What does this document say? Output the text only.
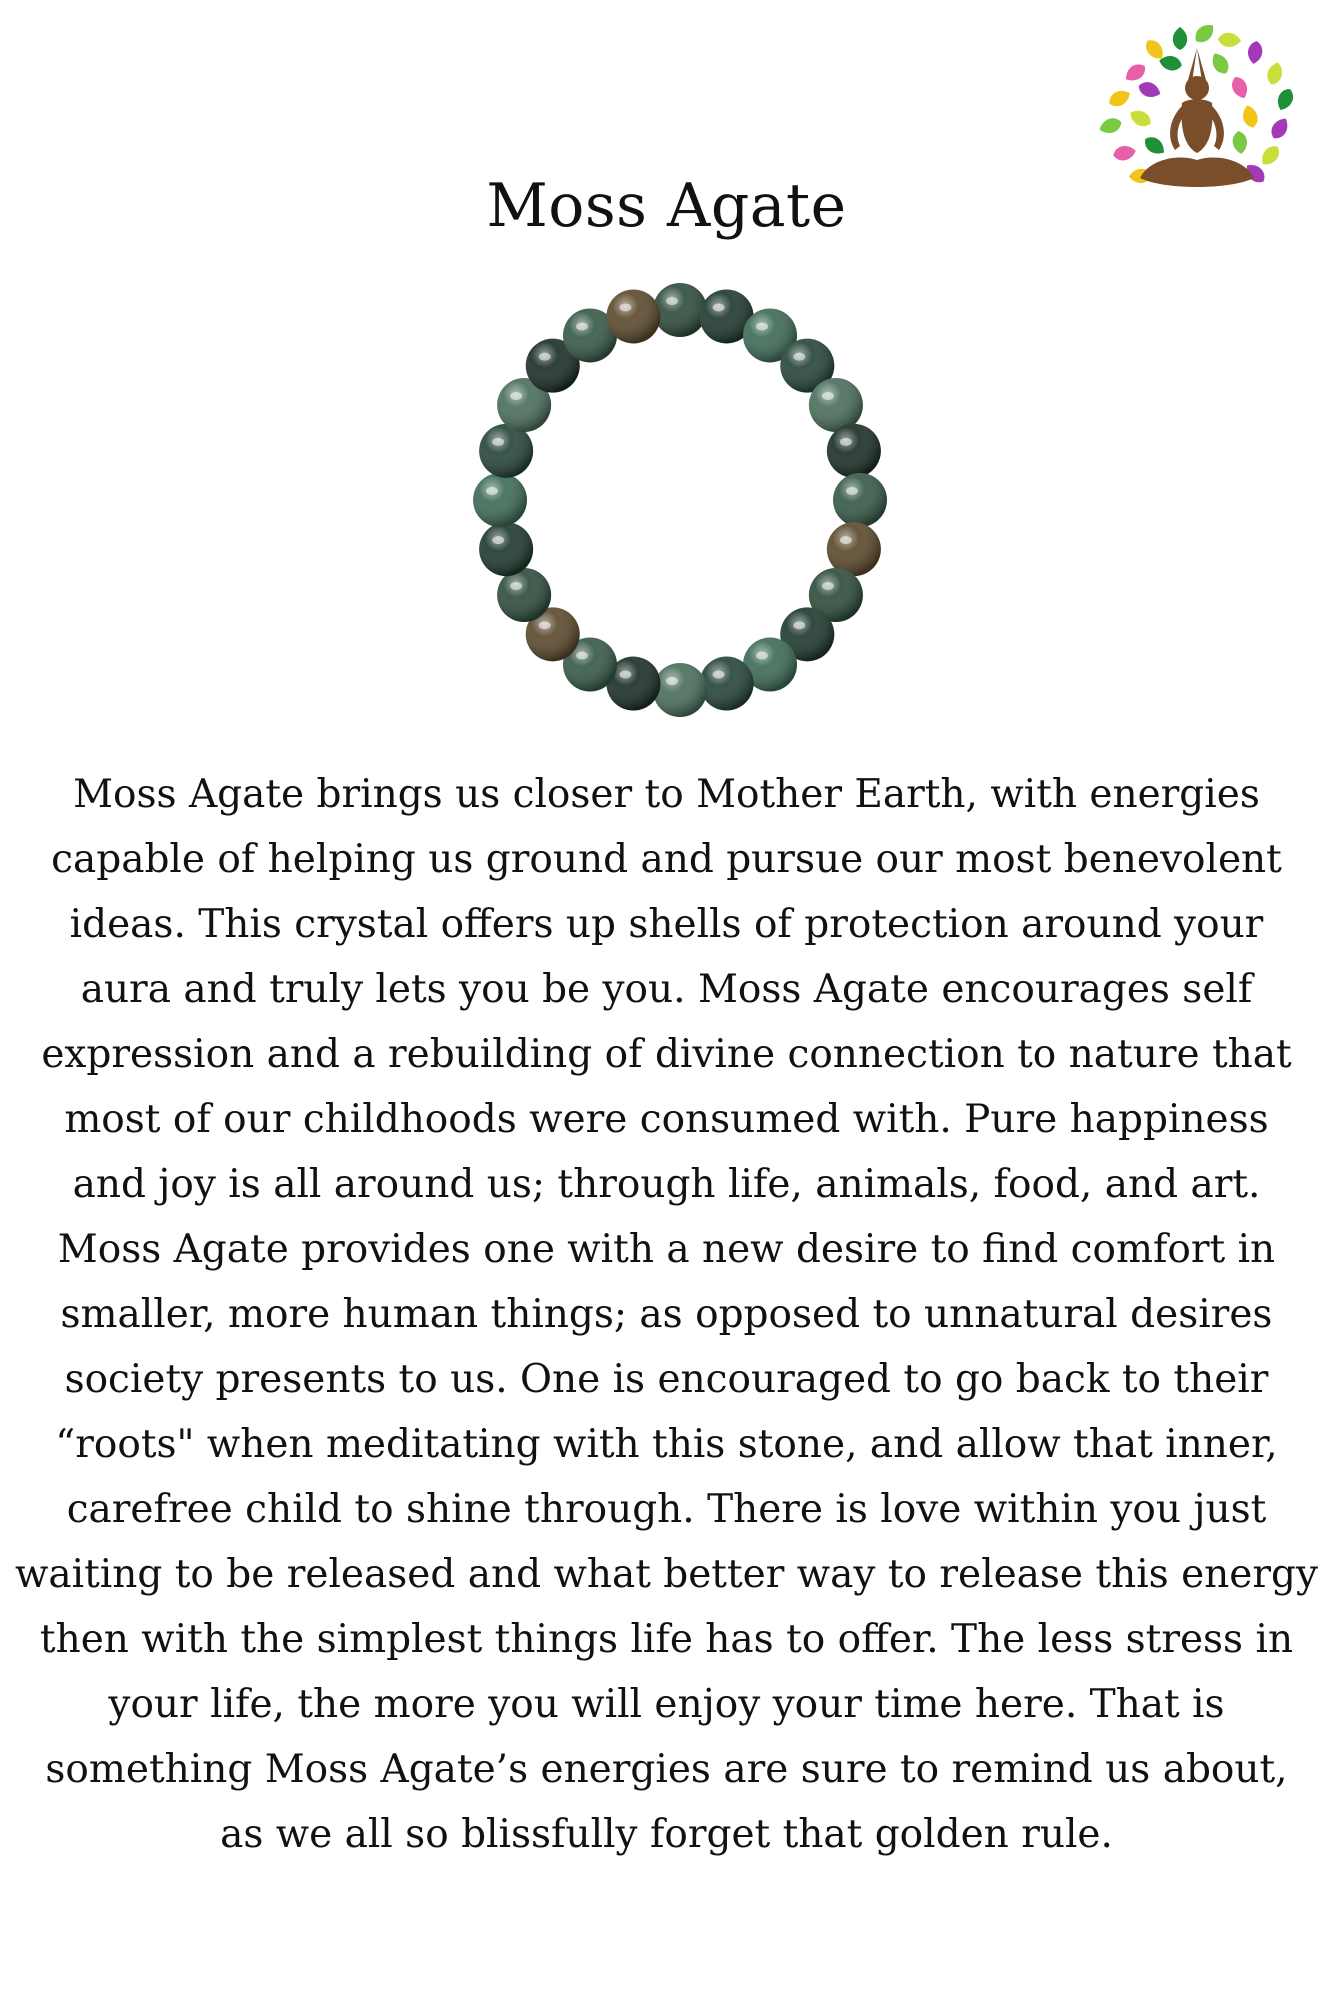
Moss Agate

Moss Agate brings us closer to Mother Earth, with energies
capable of helping us ground and pursue our most benevolent
ideas. This crystal offers up shells of protection around your
aura and truly lets you be you. Moss Agate encourages self
expression and a rebuilding of divine connection to nature that
most of our childhoods were consumed with. Pure happiness
and joy is all around us; through life, animals, food, and art.
Moss Agate provides one with a new desire to find comfort in
smaller, more human things; as opposed to unnatural desires
society presents to us. One is encouraged to go back to their
“roots" when meditating with this stone, and allow that inner,
carefree child to shine through. There is love within you just
waiting to be released and what better way to release this energy
then with the simplest things life has to offer. The less stress in
your life, the more you will enjoy your time here. That is
something Moss Agate’s energies are sure to remind us about,
as we all so blissfully forget that golden rule.
